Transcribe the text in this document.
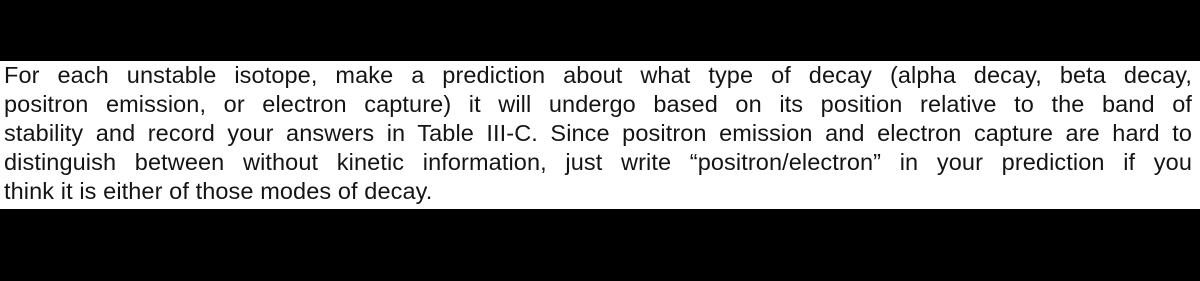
For each unstable isotope, make a prediction about what type of decay (alpha decay, beta decay,
positron emission, or electron capture) it will undergo based on its position relative to the band of
stability and record your answers in Table III-C. Since positron emission and electron capture are hard to
distinguish between without kinetic information, just write “positron/electron” in your prediction if you
think it is either of those modes of decay.
